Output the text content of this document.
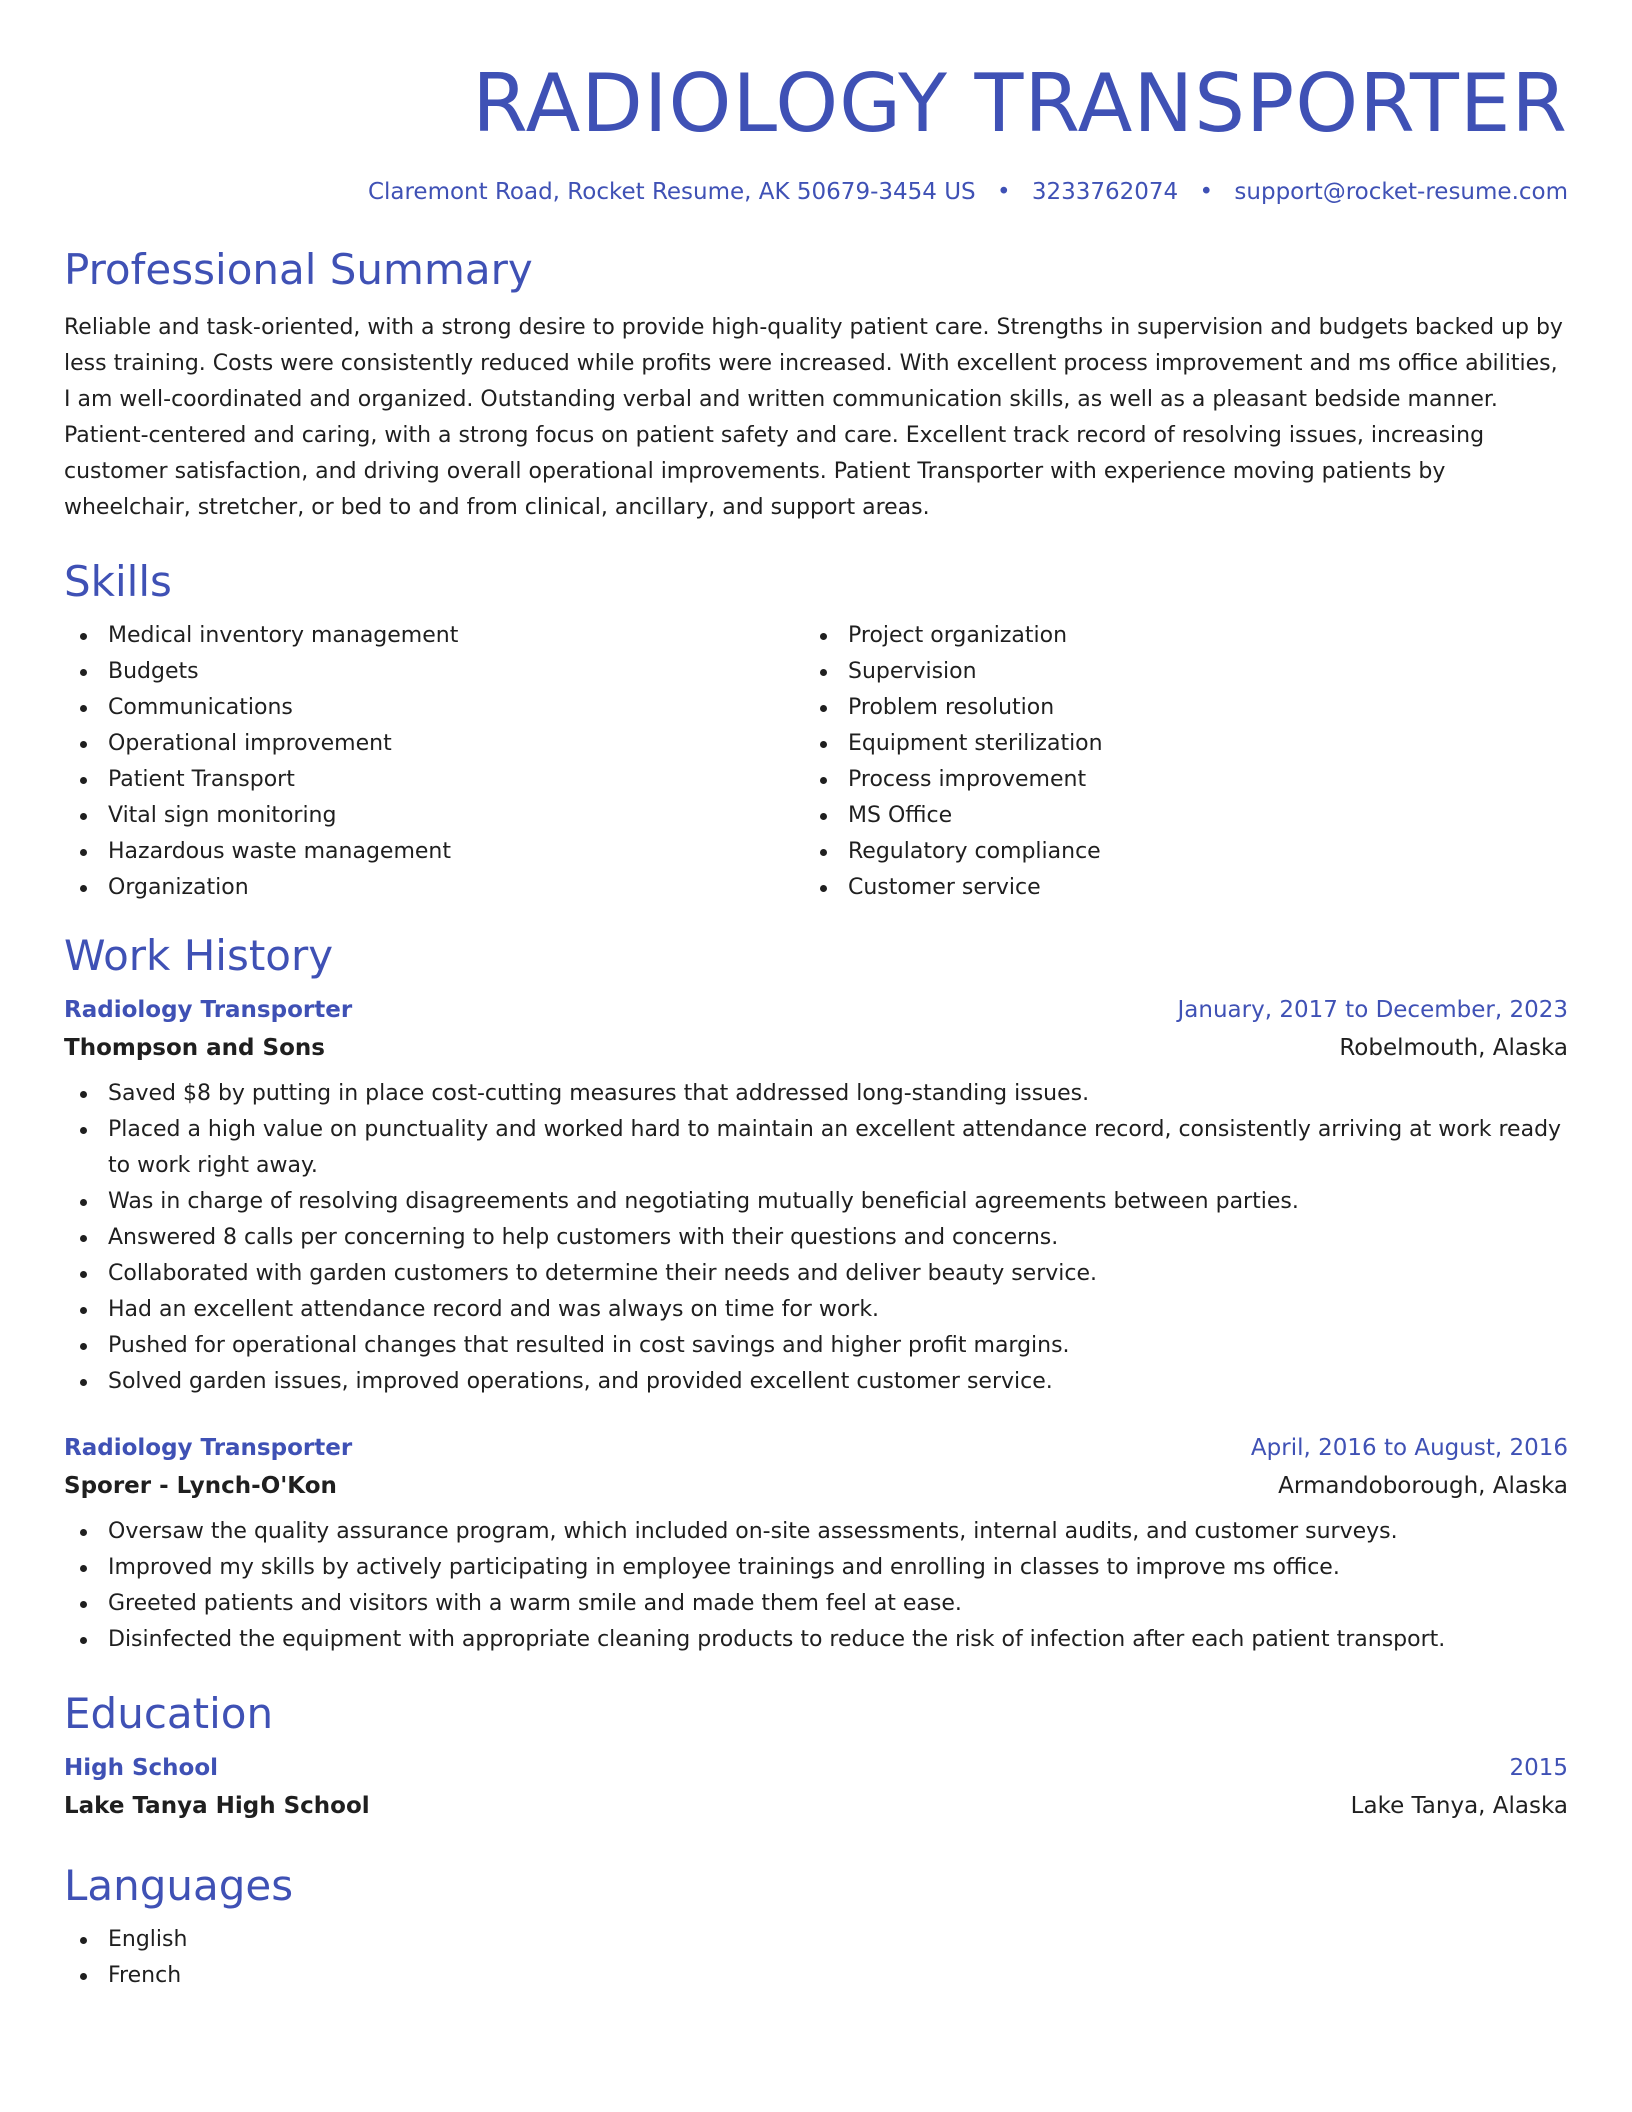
RADIOLOGY TRANSPORTER
Claremont Road, Rocket Resume, AK 50679-3454 US • 3233762074 • support@rocket-resume.com
Professional Summary

Reliable and task-oriented, with a strong desire to provide high-quality patient care. Strengths in supervision and budgets backed up by less training. Costs were consistently reduced while profits were increased. With excellent process improvement and ms office abilities, I am well-coordinated and organized. Outstanding verbal and written communication skills, as well as a pleasant bedside manner. Patient-centered and caring, with a strong focus on patient safety and care. Excellent track record of resolving issues, increasing customer satisfaction, and driving overall operational improvements. Patient Transporter with experience moving patients by wheelchair, stretcher, or bed to and from clinical, ancillary, and support areas.

Skills
Medical inventory management
Budgets
Communications
Operational improvement
Patient Transport
Vital sign monitoring
Hazardous waste management
Organization
Project organization
Supervision
Problem resolution
Equipment sterilization
Process improvement
MS Office
Regulatory compliance
Customer service
Work History
Radiology Transporter	January, 2017 to December, 2023
Thompson and Sons	Robelmouth, Alaska
Saved $8 by putting in place cost-cutting measures that addressed long-standing issues.
Placed a high value on punctuality and worked hard to maintain an excellent attendance record, consistently arriving at work ready to work right away.
Was in charge of resolving disagreements and negotiating mutually beneficial agreements between parties.
Answered 8 calls per concerning to help customers with their questions and concerns.
Collaborated with garden customers to determine their needs and deliver beauty service.
Had an excellent attendance record and was always on time for work.
Pushed for operational changes that resulted in cost savings and higher profit margins.
Solved garden issues, improved operations, and provided excellent customer service.
Radiology Transporter	April, 2016 to August, 2016
Sporer - Lynch-O'Kon	Armandoborough, Alaska
Oversaw the quality assurance program, which included on-site assessments, internal audits, and customer surveys.
Improved my skills by actively participating in employee trainings and enrolling in classes to improve ms office.
Greeted patients and visitors with a warm smile and made them feel at ease.
Disinfected the equipment with appropriate cleaning products to reduce the risk of infection after each patient transport.
Education
High School	2015
Lake Tanya High School	Lake Tanya, Alaska
Languages
English
French
